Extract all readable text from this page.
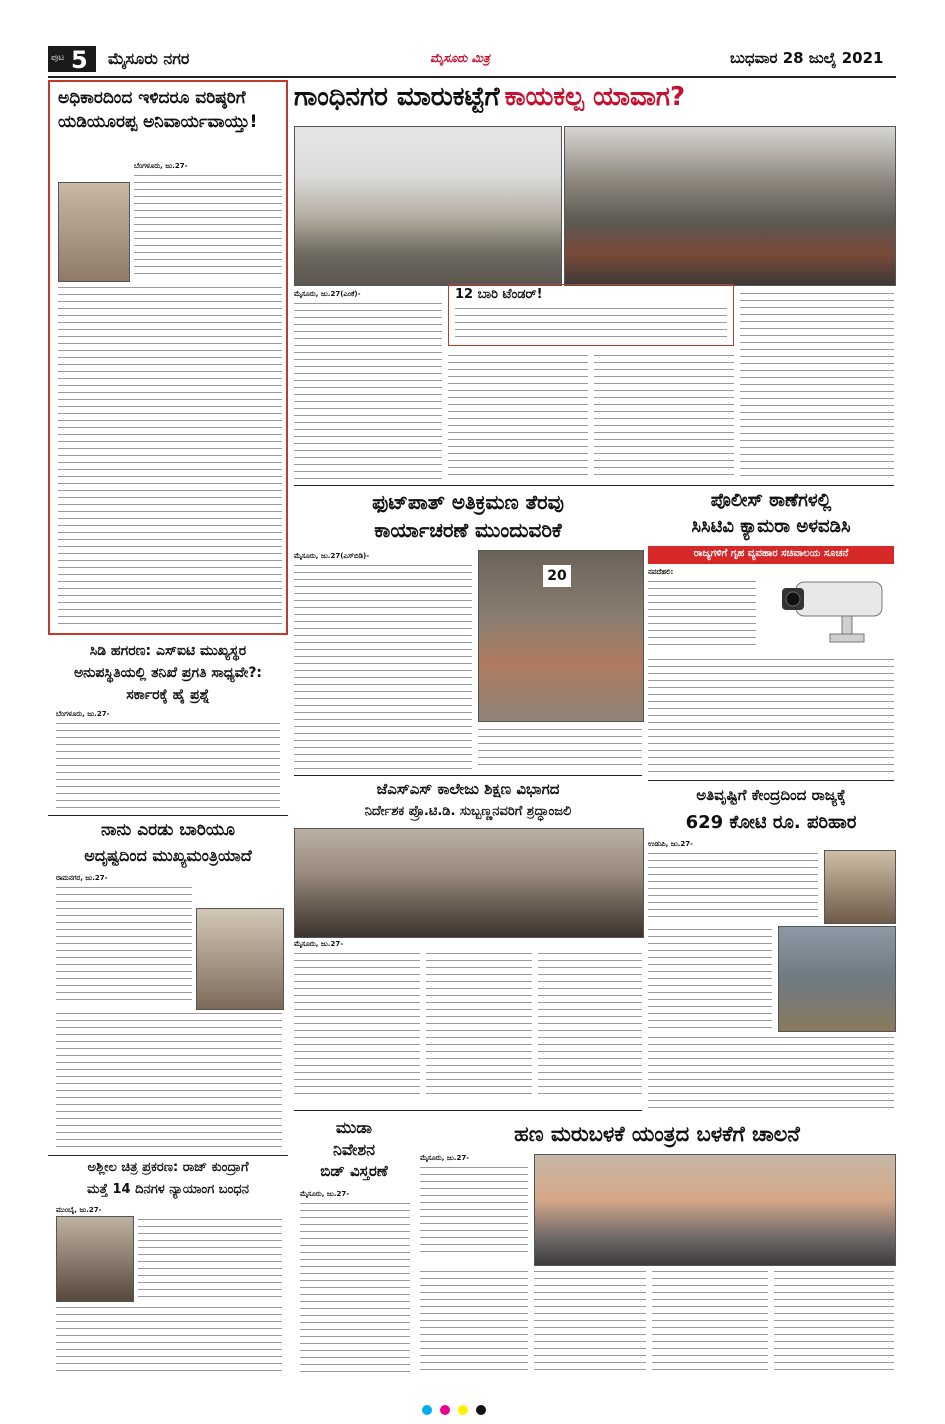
ಪುಟ 5 ಮೈಸೂರು ನಗರ	ಮೈಸೂರು ಮಿತ್ರ	ಬುಧವಾರ 28 ಜುಲೈ 2021
ಅಧಿಕಾರದಿಂದ ಇಳಿದರೂ ವರಿಷ್ಠರಿಗೆ ಯಡಿಯೂರಪ್ಪ ಅನಿವಾರ್ಯವಾಯ್ತು!
ಬೆಂಗಳೂರು, ಜು.27-
ಸಿಡಿ ಹಗರಣ: ಎಸ್‌ಐಟಿ ಮುಖ್ಯಸ್ಥರ ಅನುಪಸ್ಥಿತಿಯಲ್ಲಿ ತನಿಖೆ ಪ್ರಗತಿ ಸಾಧ್ಯವೇ?: ಸರ್ಕಾರಕ್ಕೆ ಹೈ ಪ್ರಶ್ನೆ
ಬೆಂಗಳೂರು, ಜು.27-
ನಾನು ಎರಡು ಬಾರಿಯೂ
ಅದೃಷ್ಟದಿಂದ ಮುಖ್ಯಮಂತ್ರಿಯಾದೆ
ರಾಮನಗರ, ಜು.27-
ಅಶ್ಲೀಲ ಚಿತ್ರ ಪ್ರಕರಣ: ರಾಜ್ ಕುಂದ್ರಾಗೆ
ಮತ್ತೆ 14 ದಿನಗಳ ನ್ಯಾಯಾಂಗ ಬಂಧನ
ಮುಂಬೈ, ಜು.27-
ಗಾಂಧಿನಗರ ಮಾರುಕಟ್ಟೆಗೆ ಕಾಯಕಲ್ಪ ಯಾವಾಗ?
ಮೈಸೂರು, ಜು.27(ಎಂಕೆ)-	12 ಬಾರಿ ಟೆಂಡರ್!
ಫುಟ್‌ಪಾತ್ ಅತಿಕ್ರಮಣ ತೆರವು
ಕಾರ್ಯಾಚರಣೆ ಮುಂದುವರಿಕೆ
ಮೈಸೂರು, ಜು.27(ಎಸ್‌ಬಿಡಿ)-
20
ಪೊಲೀಸ್ ಠಾಣೆಗಳಲ್ಲಿ
ಸಿಸಿಟಿವಿ ಕ್ಯಾಮರಾ ಅಳವಡಿಸಿ
ರಾಜ್ಯಗಳಿಗೆ ಗೃಹ ವ್ಯವಹಾರ ಸಚಿವಾಲಯ ಸೂಚನೆ
ನವದೆಹಲಿ:
ಜೆಎಸ್‌ಎಸ್ ಕಾಲೇಜು ಶಿಕ್ಷಣ ವಿಭಾಗದ
ನಿರ್ದೇಶಕ ಪ್ರೊ.ಟಿ.ಡಿ. ಸುಬ್ಬಣ್ಣನವರಿಗೆ ಶ್ರದ್ಧಾಂಜಲಿ
ಮೈಸೂರು, ಜು.27-
ಅತಿವೃಷ್ಟಿಗೆ ಕೇಂದ್ರದಿಂದ ರಾಜ್ಯಕ್ಕೆ
629 ಕೋಟಿ ರೂ. ಪರಿಹಾರ
ಉಡುಪಿ, ಜು.27-
ಮುಡಾ
ನಿವೇಶನ
ಬಿಡ್ ವಿಸ್ತರಣೆ
ಮೈಸೂರು, ಜು.27-
ಹಣ ಮರುಬಳಕೆ ಯಂತ್ರದ ಬಳಕೆಗೆ ಚಾಲನೆ
ಮೈಸೂರು, ಜು.27-
